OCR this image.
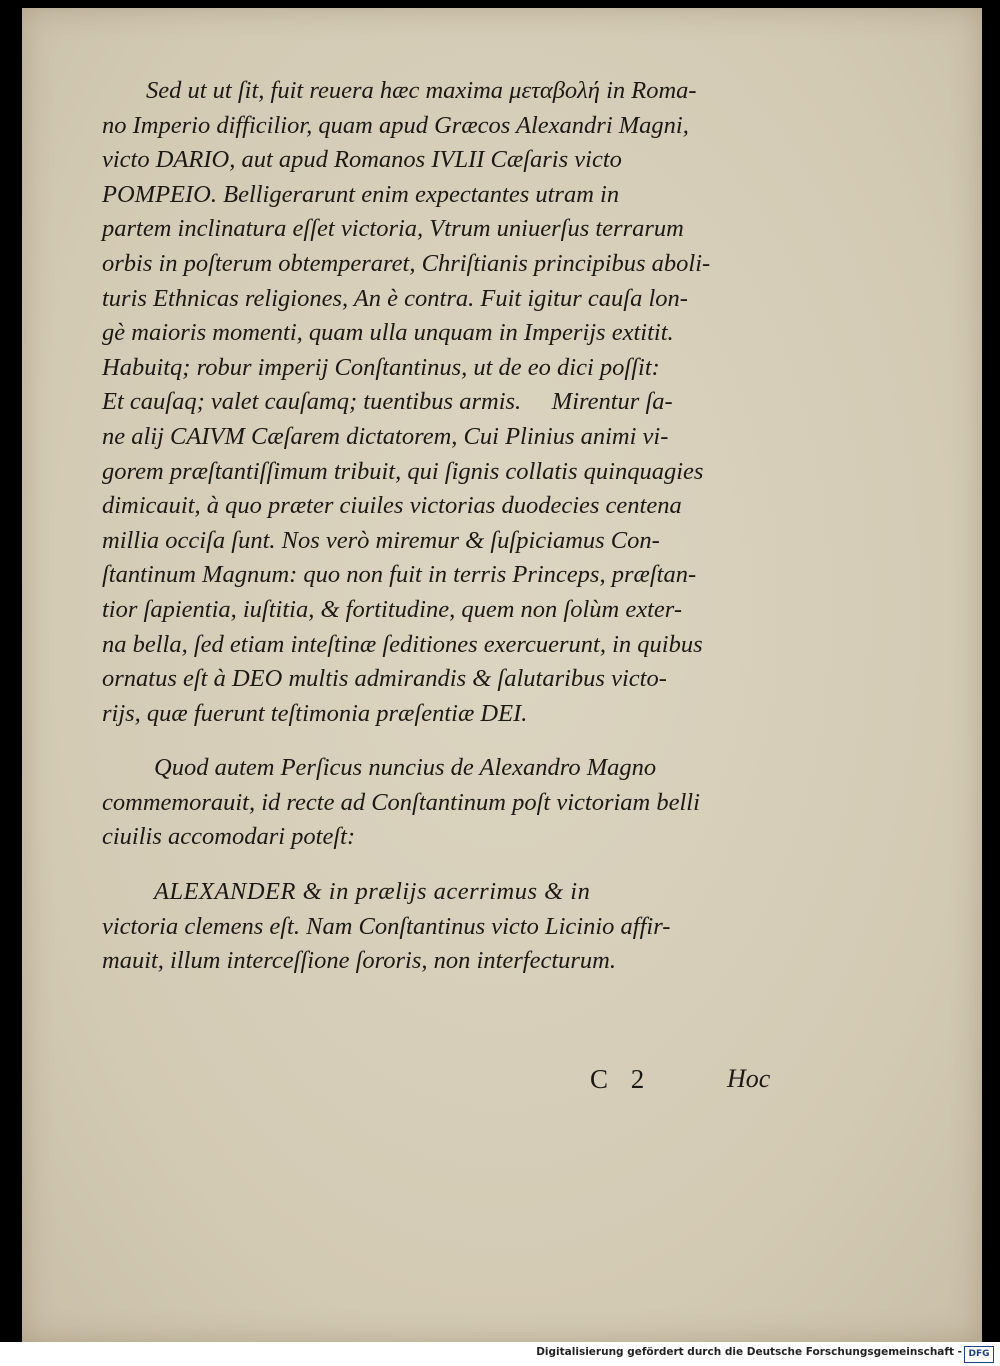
Sed ut ut ſit, fuit reuera hæc maxima μεταβολή in Roma-
no Imperio difficilior, quam apud Græcos Alexandri Magni,
victo DARIO, aut apud Romanos IVLII Cæſaris victo
POMPEIO. Belligerarunt enim expectantes utram in
partem inclinatura eſſet victoria, Vtrum uniuerſus terrarum
orbis in poſterum obtemperaret, Chriſtianis principibus aboli-
turis Ethnicas religiones, An è contra. Fuit igitur cauſa lon-
gè maioris momenti, quam ulla unquam in Imperijs extitit.
Habuitq; robur imperij Conſtantinus, ut de eo dici poſſit:
Et cauſaq; valet cauſamq; tuentibus armis.     Mirentur ſa-
ne alij CAIVM Cæſarem dictatorem, Cui Plinius animi vi-
gorem præſtantiſſimum tribuit, qui ſignis collatis quinquagies
dimicauit, à quo præter ciuiles victorias duodecies centena
millia occiſa ſunt. Nos verò miremur & ſuſpiciamus Con-
ſtantinum Magnum: quo non fuit in terris Princeps, præſtan-
tior ſapientia, iuſtitia, & fortitudine, quem non ſolùm exter-
na bella, ſed etiam inteſtinæ ſeditiones exercuerunt, in quibus
ornatus eſt à DEO multis admirandis & ſalutaribus victo-
rijs, quæ fuerunt teſtimonia præſentiæ DEI.
Quod autem Perſicus nuncius de Alexandro Magno
commemorauit, id recte ad Conſtantinum poſt victoriam belli
ciuilis accomodari poteſt:
ALEXANDER & in prælijs acerrimus & in
victoria clemens eſt. Nam Conſtantinus victo Licinio affir-
mauit, illum interceſſione ſororis, non interfecturum.
C 2	Hoc
Digitalisierung gefördert durch die Deutsche Forschungsgemeinschaft - DFG
